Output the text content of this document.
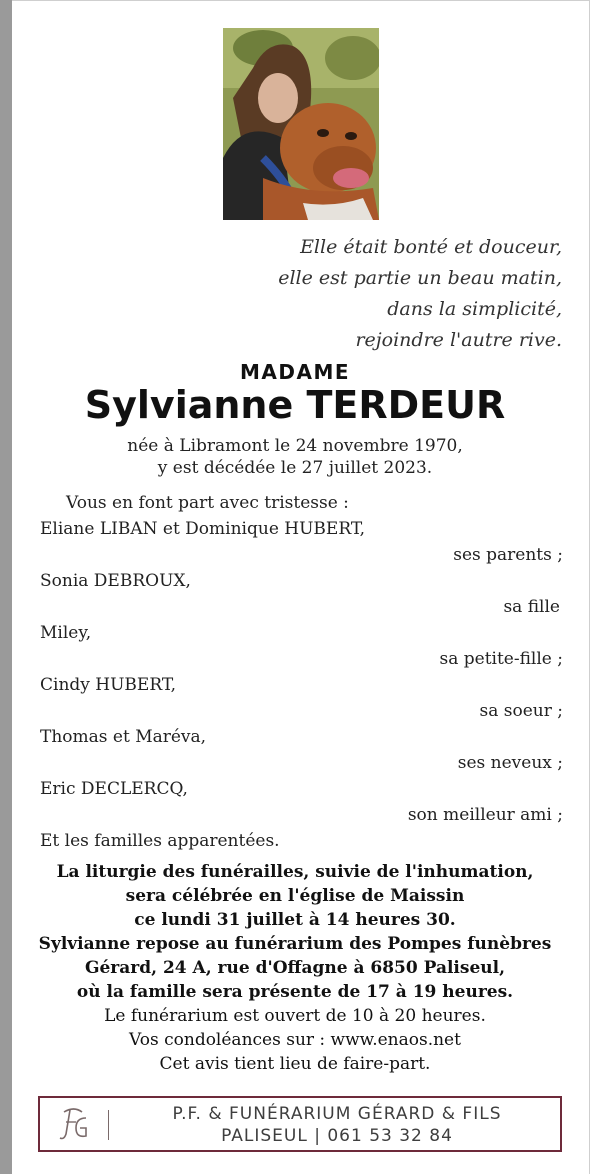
Elle était bonté et douceur,
elle est partie un beau matin,
dans la simplicité,
rejoindre l'autre rive.
MADAME
Sylvianne TERDEUR
née à Libramont le 24 novembre 1970,
y est décédée le 27 juillet 2023.
Vous en font part avec tristesse :
Eliane LIBAN et Dominique HUBERT,
ses parents ;
Sonia DEBROUX,
sa fille
Miley,
sa petite-fille ;
Cindy HUBERT,
sa soeur ;
Thomas et Maréva,
ses neveux ;
Eric DECLERCQ,
son meilleur ami ;
Et les familles apparentées.
La liturgie des funérailles, suivie de l'inhumation,
sera célébrée en l'église de Maissin
ce lundi 31 juillet à 14 heures 30.
Sylvianne repose au funérarium des Pompes funèbres
Gérard, 24 A, rue d'Offagne à 6850 Paliseul,
où la famille sera présente de 17 à 19 heures.
Le funérarium est ouvert de 10 à 20 heures.
Vos condoléances sur : www.enaos.net
Cet avis tient lieu de faire-part.
P.F. & FUNÉRARIUM GÉRARD & FILS
PALISEUL | 061 53 32 84
